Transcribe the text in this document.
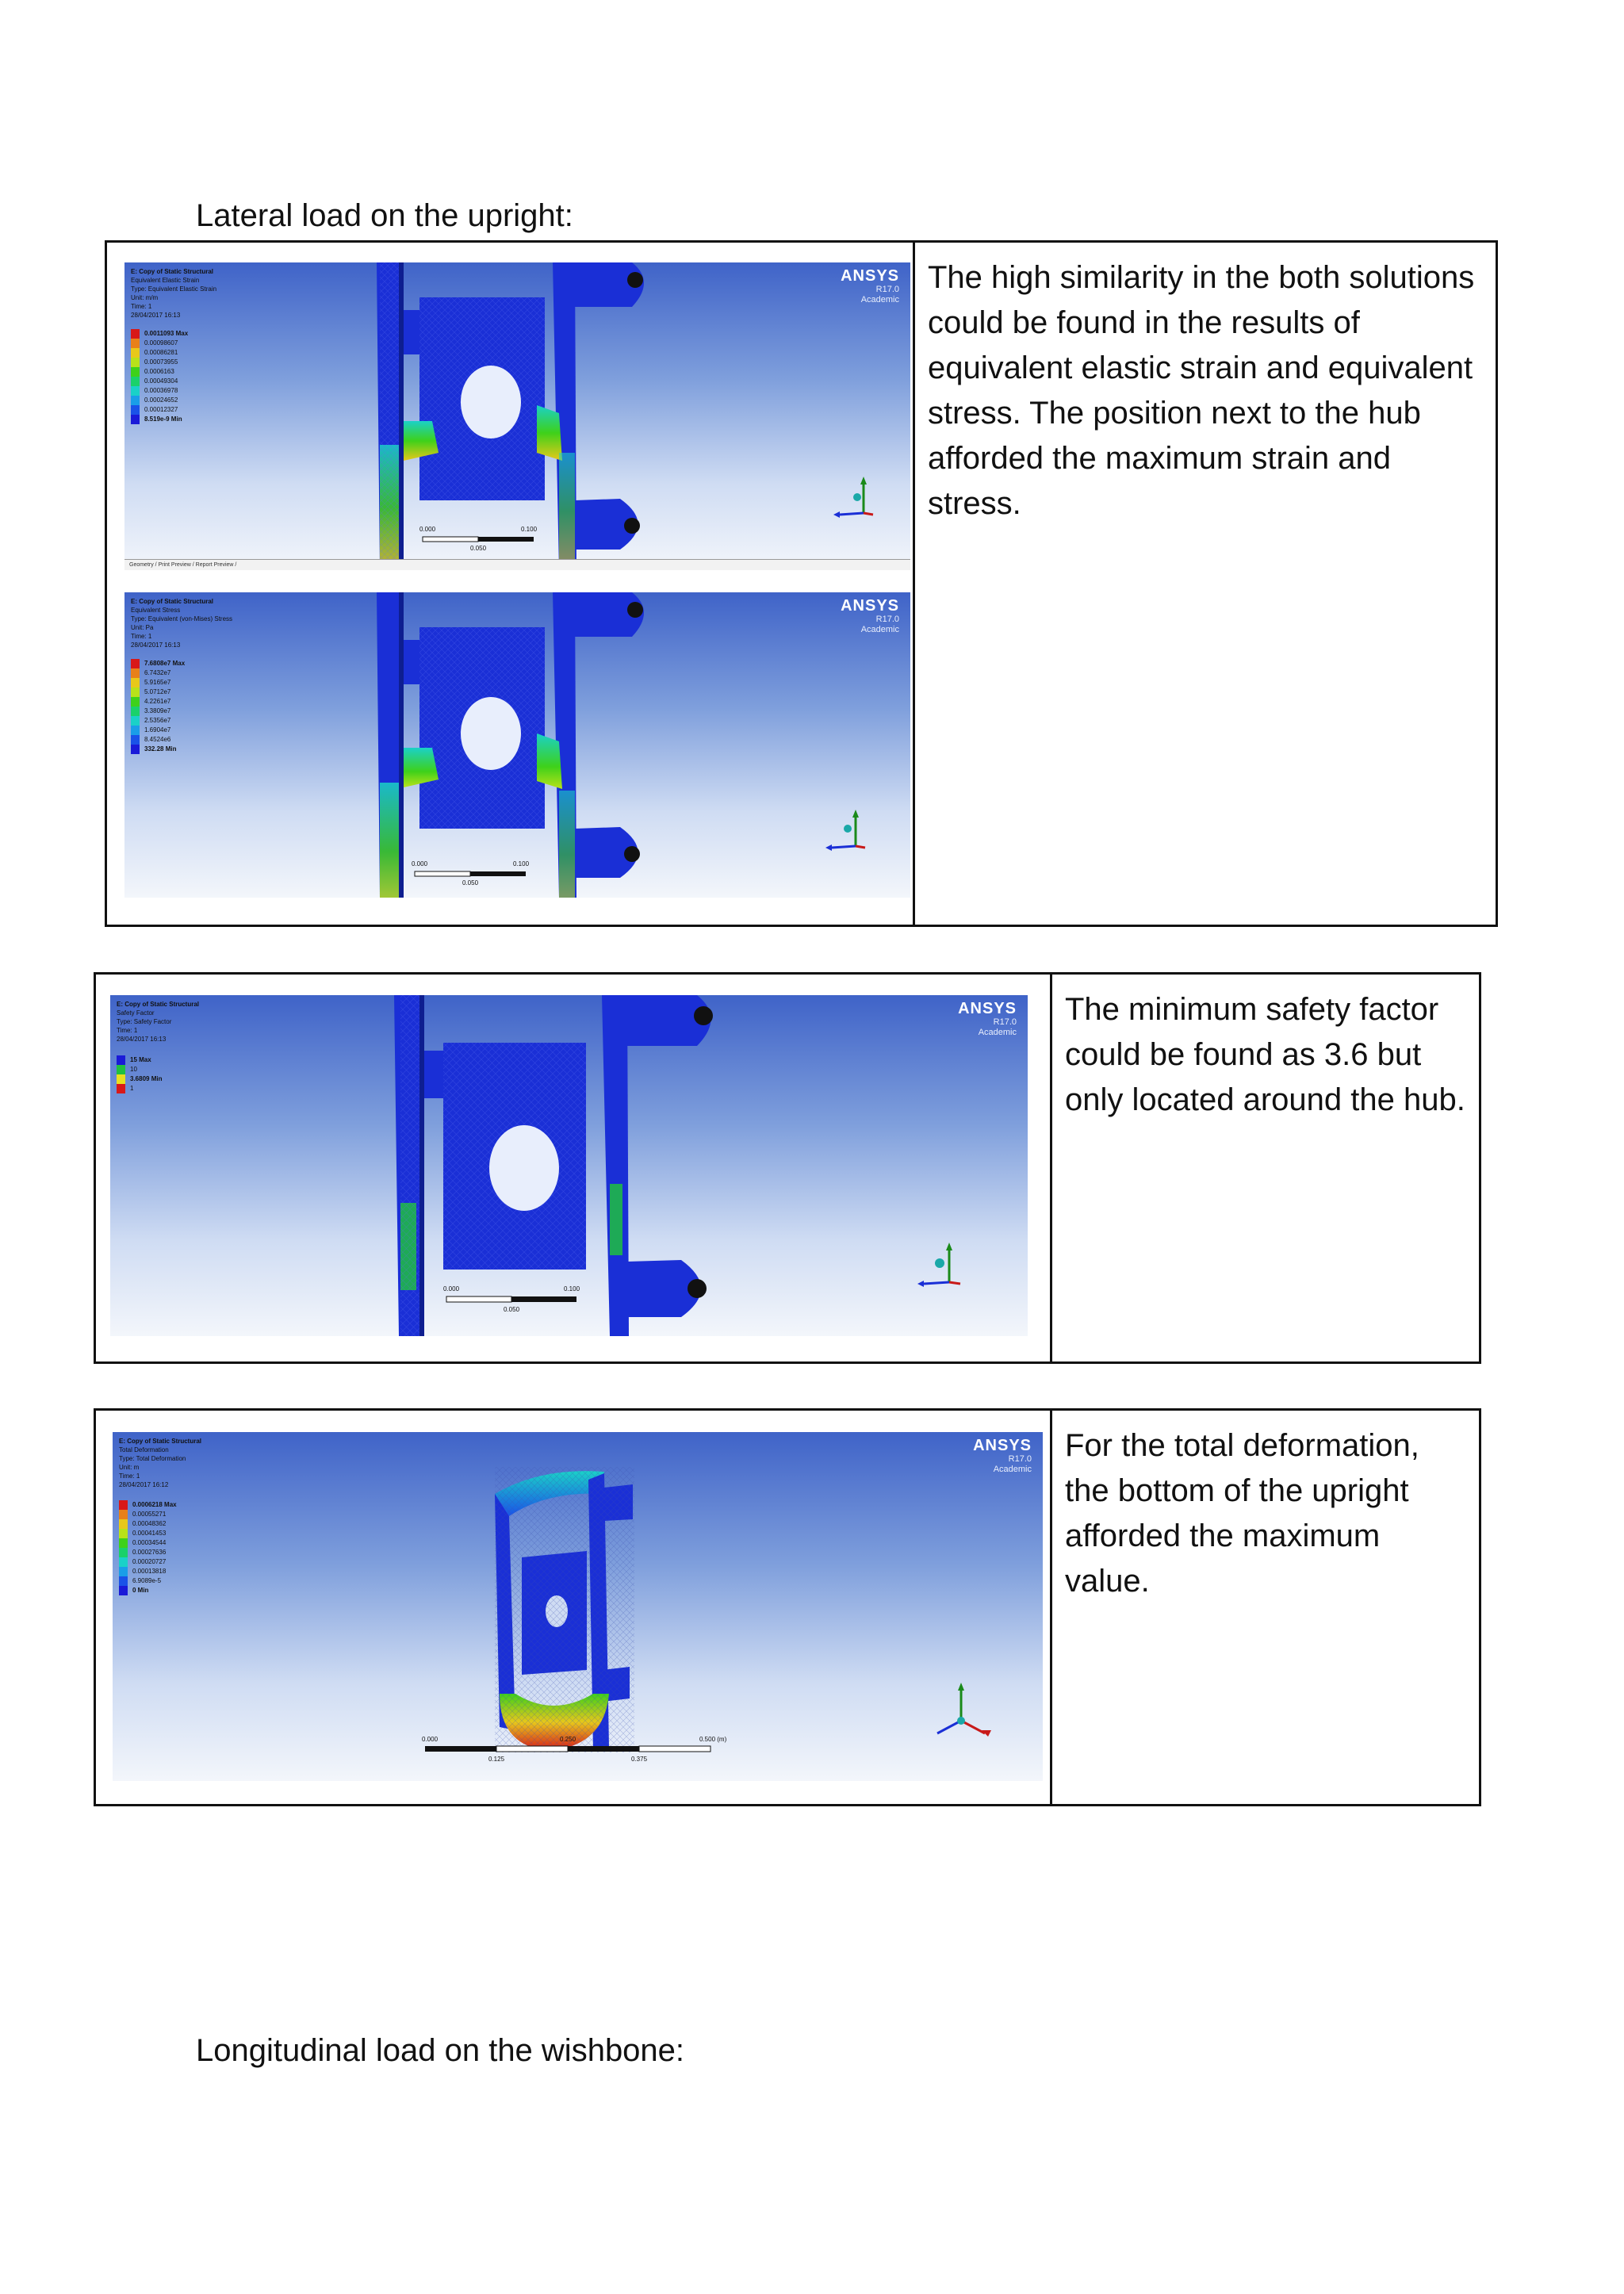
Lateral load on the upright:
E: Copy of Static Structural
Equivalent Elastic Strain
Type: Equivalent Elastic Strain
Unit: m/m
Time: 1
28/04/2017 16:13
0.0011093 Max
0.00098607
0.00086281
0.00073955
0.0006163
0.00049304
0.00036978
0.00024652
0.00012327
8.519e-9 Min
ANSYS
R17.0
Academic
0.000	0.100
0.050
Geometry / Print Preview / Report Preview /
E: Copy of Static Structural
Equivalent Stress
Type: Equivalent (von-Mises) Stress
Unit: Pa
Time: 1
28/04/2017 16:13
7.6808e7 Max
6.7432e7
5.9165e7
5.0712e7
4.2261e7
3.3809e7
2.5356e7
1.6904e7
8.4524e6
332.28 Min
ANSYS
R17.0
Academic
0.000	0.100
0.050
The high similarity in the both solutions could be found in the results of equivalent elastic strain and equivalent stress. The position next to the hub afforded the maximum strain and stress.
E: Copy of Static Structural
Safety Factor
Type: Safety Factor
Time: 1
28/04/2017 16:13
15 Max
10
3.6809 Min
1
ANSYS
R17.0
Academic
0.000	0.100
0.050
The minimum safety factor could be found as 3.6 but only located around the hub.
E: Copy of Static Structural
Total Deformation
Type: Total Deformation
Unit: m
Time: 1
28/04/2017 16:12
0.0006218 Max
0.00055271
0.00048362
0.00041453
0.00034544
0.00027636
0.00020727
0.00013818
6.9089e-5
0 Min
ANSYS
R17.0
Academic
0.000	0.250	0.500 (m)
0.125	0.375
For the total deformation, the bottom of the upright afforded the maximum value.
Longitudinal load on the wishbone:
